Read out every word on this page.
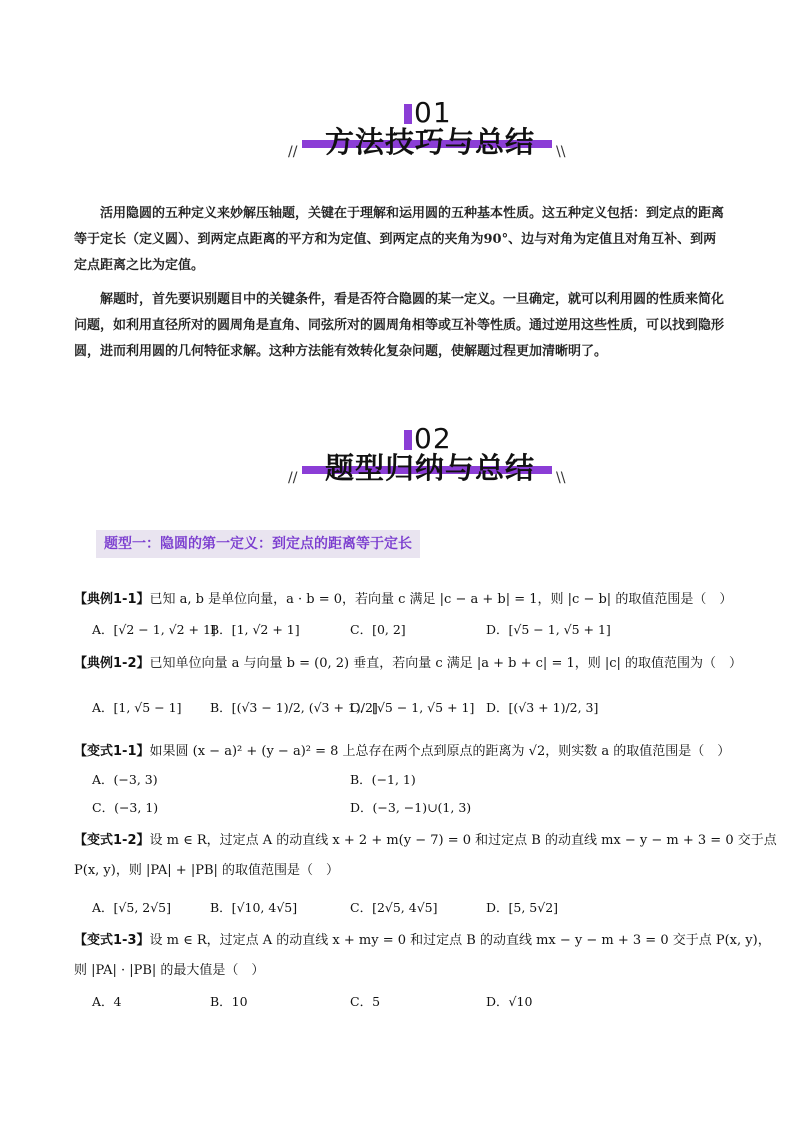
01
方法技巧与总结
//	\\
活用隐圆的五种定义来妙解压轴题，关键在于理解和运用圆的五种基本性质。这五种定义包括：到定点的距离等于定长（定义圆）、到两定点距离的平方和为定值、到两定点的夹角为90°、边与对角为定值且对角互补、到两定点距离之比为定值。
解题时，首先要识别题目中的关键条件，看是否符合隐圆的某一定义。一旦确定，就可以利用圆的性质来简化问题，如利用直径所对的圆周角是直角、同弦所对的圆周角相等或互补等性质。通过逆用这些性质，可以找到隐形圆，进而利用圆的几何特征求解。这种方法能有效转化复杂问题，使解题过程更加清晰明了。
02
题型归纳与总结
//	\\
题型一：隐圆的第一定义：到定点的距离等于定长
【典例1-1】已知 a, b 是单位向量，a · b = 0，若向量 c 满足 |c − a + b| = 1，则 |c − b| 的取值范围是（　）
A．[√2 − 1, √2 + 1]
B．[1, √2 + 1]	C．[0, 2]	D．[√5 − 1, √5 + 1]
【典例1-2】已知单位向量 a 与向量 b = (0, 2) 垂直，若向量 c 满足 |a + b + c| = 1，则 |c| 的取值范围为（　）
A．[1, √5 − 1] B．[(√3 − 1)/2, (√3 + 1)/2]
C．[√5 − 1, √5 + 1] D．[(√3 + 1)/2, 3]
【变式1-1】如果圆 (x − a)² + (y − a)² = 8 上总存在两个点到原点的距离为 √2，则实数 a 的取值范围是（　）
A．(−3, 3)	B．(−1, 1)
C．(−3, 1)	D．(−3, −1)∪(1, 3)
【变式1-2】设 m ∈ R，过定点 A 的动直线 x + 2 + m(y − 7) = 0 和过定点 B 的动直线 mx − y − m + 3 = 0 交于点
P(x, y)，则 |PA| + |PB| 的取值范围是（　）
A．[√5, 2√5]	B．[√10, 4√5]	C．[2√5, 4√5]	D．[5, 5√2]
【变式1-3】设 m ∈ R，过定点 A 的动直线 x + my = 0 和过定点 B 的动直线 mx − y − m + 3 = 0 交于点 P(x, y)，
则 |PA| · |PB| 的最大值是（　）
A．4	B．10	C．5	D．√10
